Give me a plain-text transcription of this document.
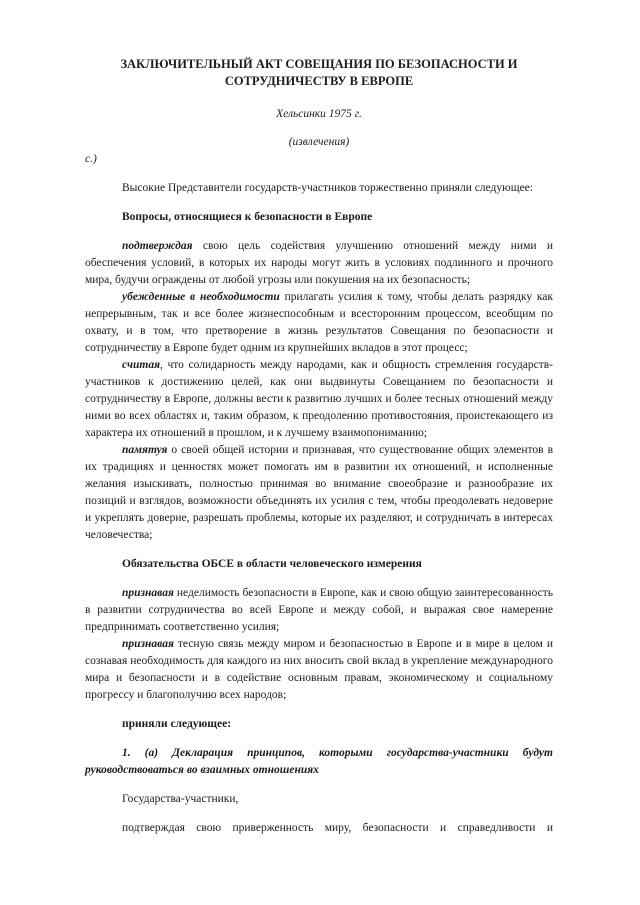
ЗАКЛЮЧИТЕЛЬНЫЙ АКТ СОВЕЩАНИЯ ПО БЕЗОПАСНОСТИ И СОТРУДНИЧЕСТВУ В ЕВРОПЕ
Хельсинки 1975 г.
(извлечения)
с.)

Высокие Представители государств-участников торжественно приняли следующее:

Вопросы, относящиеся к безопасности в Европе

подтверждая свою цель содействия улучшению отношений между ними и обеспечения условий, в которых их народы могут жить в условиях подлинного и прочного мира, будучи ограждены от любой угрозы или покушения на их безопасность;

убежденные в необходимости прилагать усилия к тому, чтобы делать разрядку как непрерывным, так и все более жизнеспособным и всесторонним процессом, всеобщим по охвату, и в том, что претворение в жизнь результатов Совещания по безопасности и сотрудничеству в Европе будет одним из крупнейших вкладов в этот процесс;

считая, что солидарность между народами, как и общность стремления государств-участников к достижению целей, как они выдвинуты Совещанием по безопасности и сотрудничеству в Европе, должны вести к развитию лучших и более тесных отношений между ними во всех областях и, таким образом, к преодолению противостояния, проистекающего из характера их отношений в прошлом, и к лучшему взаимопониманию;

памятуя о своей общей истории и признавая, что существование общих элементов в их традициях и ценностях может помогать им в развитии их отношений, и исполненные желания изыскивать, полностью принимая во внимание своеобразие и разнообразие их позиций и взглядов, возможности объединять их усилия с тем, чтобы преодолевать недоверие и укреплять доверие, разрешать проблемы, которые их разделяют, и сотрудничать в интересах человечества;

Обязательства ОБСЕ в области человеческого измерения

признавая неделимость безопасности в Европе, как и свою общую заинтересованность в развитии сотрудничества во всей Европе и между собой, и выражая свое намерение предпринимать соответственно усилия;

признавая тесную связь между миром и безопасностью в Европе и в мире в целом и сознавая необходимость для каждого из них вносить свой вклад в укрепление международного мира и безопасности и в содействие основным правам, экономическому и социальному прогрессу и благополучию всех народов;

приняли следующее:

1. (а) Декларация принципов, которыми государства-участники будут руководствоваться во взаимных отношениях

Государства-участники,

подтверждая свою приверженность миру, безопасности и справедливости и
